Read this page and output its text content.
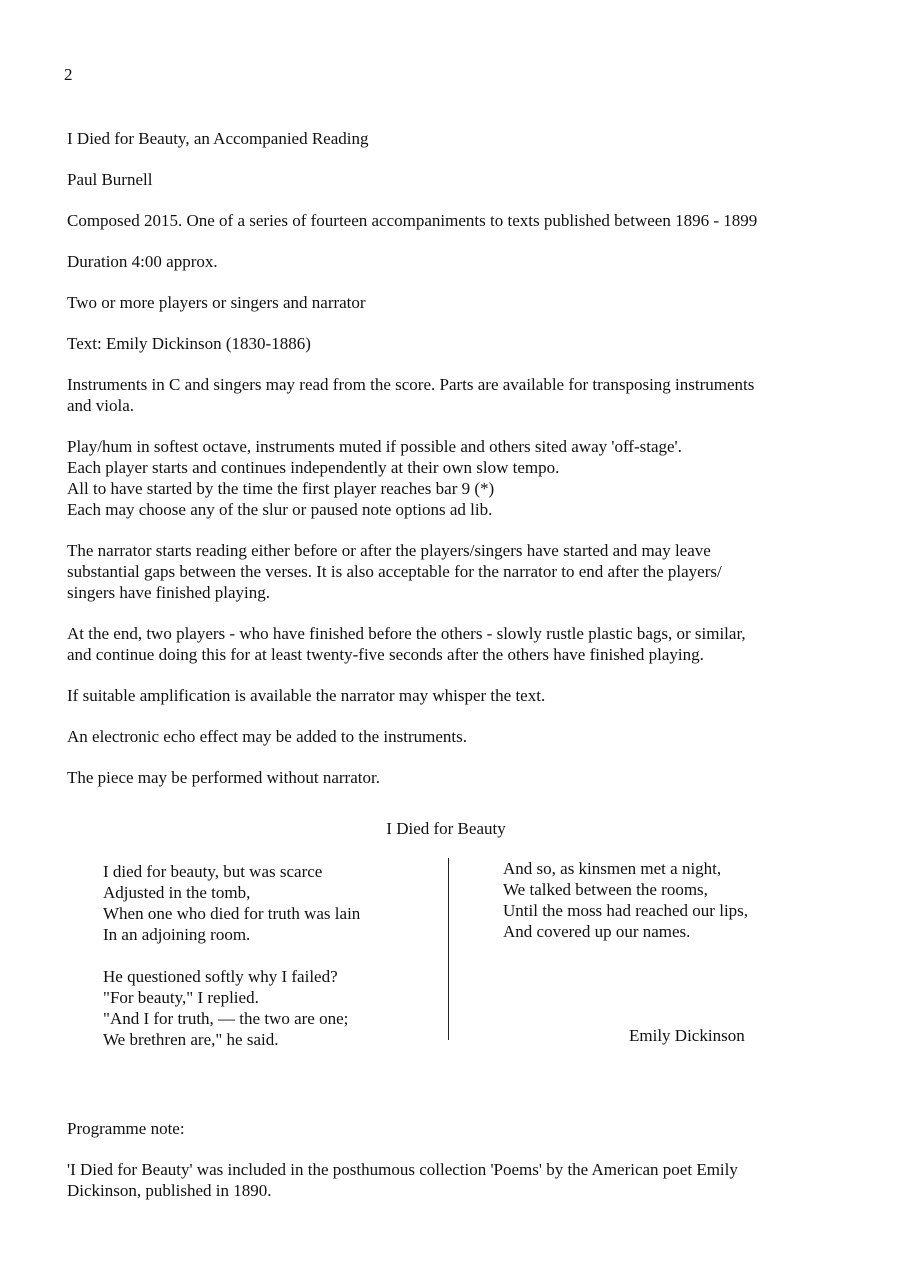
2

I Died for Beauty, an Accompanied Reading

Paul Burnell

Composed 2015. One of a series of fourteen accompaniments to texts published between 1896 - 1899

Duration 4:00 approx.

Two or more players or singers and narrator

Text: Emily Dickinson (1830-1886)

Instruments in C and singers may read from the score. Parts are available for transposing instruments
and viola.

Play/hum in softest octave, instruments muted if possible and others sited away 'off-stage'.
Each player starts and continues independently at their own slow tempo.
All to have started by the time the first player reaches bar 9 (*)
Each may choose any of the slur or paused note options ad lib.

The narrator starts reading either before or after the players/singers have started and may leave
substantial gaps between the verses. It is also acceptable for the narrator to end after the players/
singers have finished playing.

At the end, two players - who have finished before the others - slowly rustle plastic bags, or similar,
and continue doing this for at least twenty-five seconds after the others have finished playing.

If suitable amplification is available the narrator may whisper the text.

An electronic echo effect may be added to the instruments.

The piece may be performed without narrator.

I Died for Beauty
I died for beauty, but was scarce
Adjusted in the tomb,
When one who died for truth was lain
In an adjoining room.
He questioned softly why I failed?
"For beauty," I replied.
"And I for truth, — the two are one;
We brethren are," he said.
And so, as kinsmen met a night,
We talked between the rooms,
Until the moss had reached our lips,
And covered up our names.
Emily Dickinson

Programme note:

'I Died for Beauty' was included in the posthumous collection 'Poems' by the American poet Emily
Dickinson, published in 1890.
